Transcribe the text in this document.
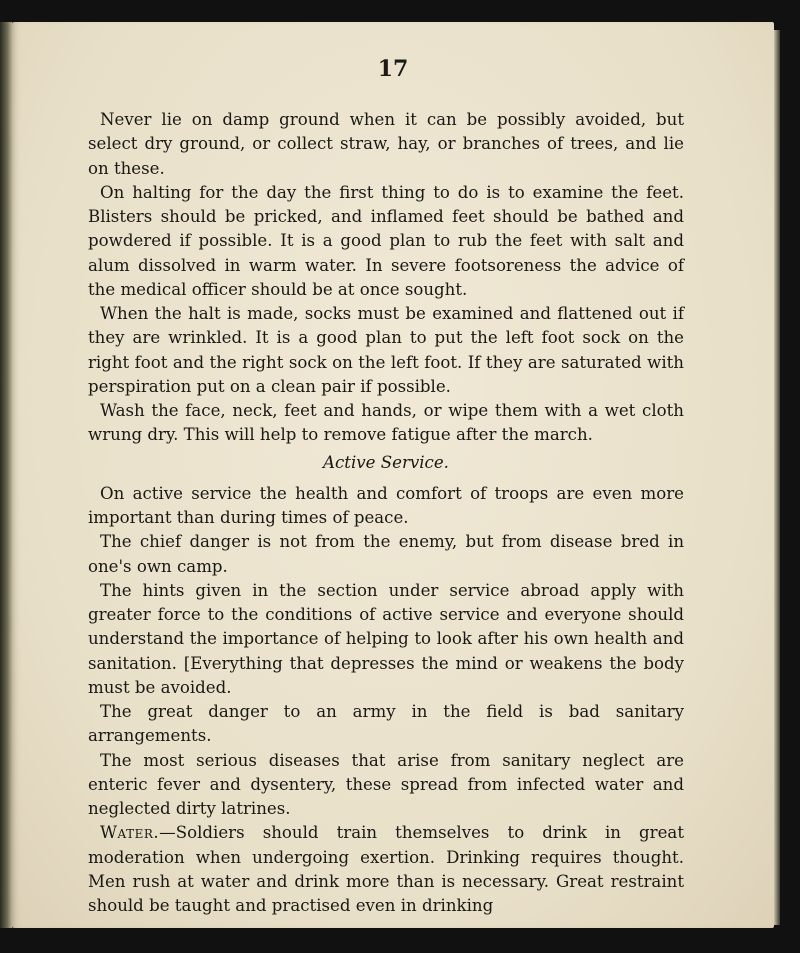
17

Never lie on damp ground when it can be possibly avoided, but select dry ground, or collect straw, hay, or branches of trees, and lie on these.

On halting for the day the first thing to do is to examine the feet. Blisters should be pricked, and inflamed feet should be bathed and powdered if possible. It is a good plan to rub the feet with salt and alum dissolved in warm water. In severe footsoreness the advice of the medical officer should be at once sought.

When the halt is made, socks must be examined and flattened out if they are wrinkled. It is a good plan to put the left foot sock on the right foot and the right sock on the left foot. If they are saturated with perspiration put on a clean pair if possible.

Wash the face, neck, feet and hands, or wipe them with a wet cloth wrung dry. This will help to remove fatigue after the march.

Active Service.

On active service the health and comfort of troops are even more important than during times of peace.

The chief danger is not from the enemy, but from disease bred in one's own camp.

The hints given in the section under service abroad apply with greater force to the conditions of active service and everyone should understand the importance of helping to look after his own health and sanitation. [Everything that depresses the mind or weakens the body must be avoided.

The great danger to an army in the field is bad sanitary arrangements.

The most serious diseases that arise from sanitary neglect are enteric fever and dysentery, these spread from infected water and neglected dirty latrines.

Water.—Soldiers should train themselves to drink in great moderation when undergoing exertion. Drinking requires thought. Men rush at water and drink more than is necessary. Great restraint should be taught and practised even in drinking
